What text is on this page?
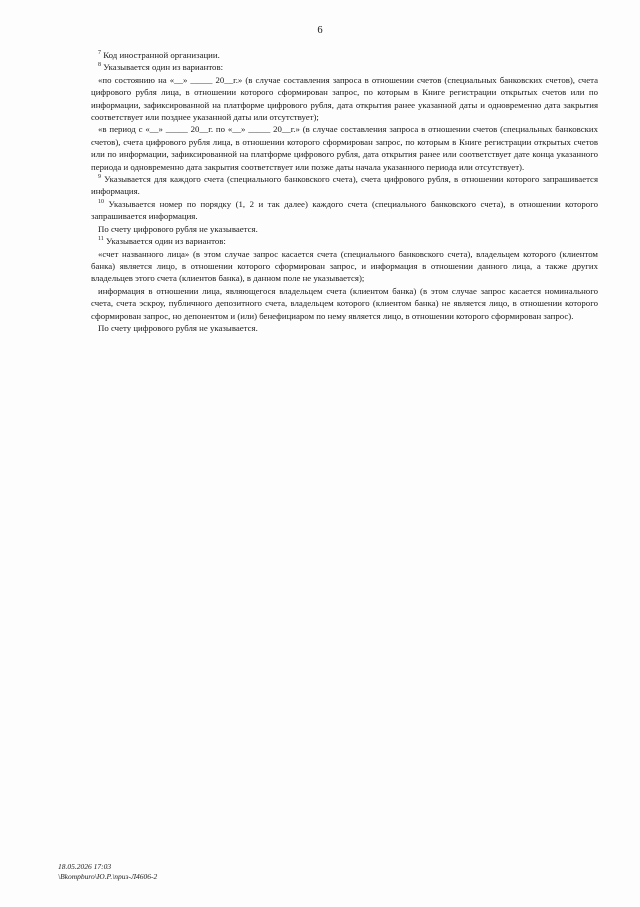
6

$^7$ Код иностранной организации.

$^8$ Указывается один из вариантов:

«по состоянию на «__» _____ 20__г.» (в случае составления запроса в отношении счетов (специальных банковских счетов), счета цифрового рубля лица, в отношении которого сформирован запрос, по которым в Книге регистрации открытых счетов или по информации, зафиксированной на платформе цифрового рубля, дата открытия ранее указанной даты и одновременно дата закрытия соответствует или позднее указанной даты или отсутствует);

«в период с «__» _____ 20__г. по «__» _____ 20__г.» (в случае составления запроса в отношении счетов (специальных банковских счетов), счета цифрового рубля лица, в отношении которого сформирован запрос, по которым в Книге регистрации открытых счетов или по информации, зафиксированной на платформе цифрового рубля, дата открытия ранее или соответствует дате конца указанного периода и одновременно дата закрытия соответствует или позже даты начала указанного периода или отсутствует).

$^9$ Указывается для каждого счета (специального банковского счета), счета цифрового рубля, в отношении которого запрашивается информация.

$^{10}$ Указывается номер по порядку (1, 2 и так далее) каждого счета (специального банковского счета), в отношении которого запрашивается информация.

По счету цифрового рубля не указывается.

$^{11}$ Указывается один из вариантов:

«счет названного лица» (в этом случае запрос касается счета (специального банковского счета), владельцем которого (клиентом банка) является лицо, в отношении которого сформирован запрос, и информация в отношении данного лица, а также других владельцев этого счета (клиентов банка), в данном поле не указывается);

информация в отношении лица, являющегося владельцем счета (клиентом банка) (в этом случае запрос касается номинального счета, счета эскроу, публичного депозитного счета, владельцем которого (клиентом банка) не является лицо, в отношении которого сформирован запрос, но депонентом и (или) бенефициаром по нему является лицо, в отношении которого сформирован запрос).

По счету цифрового рубля не указывается.

18.05.2026 17:03
\Bkompburo\Ю.Р.\приз-Л4606-2
